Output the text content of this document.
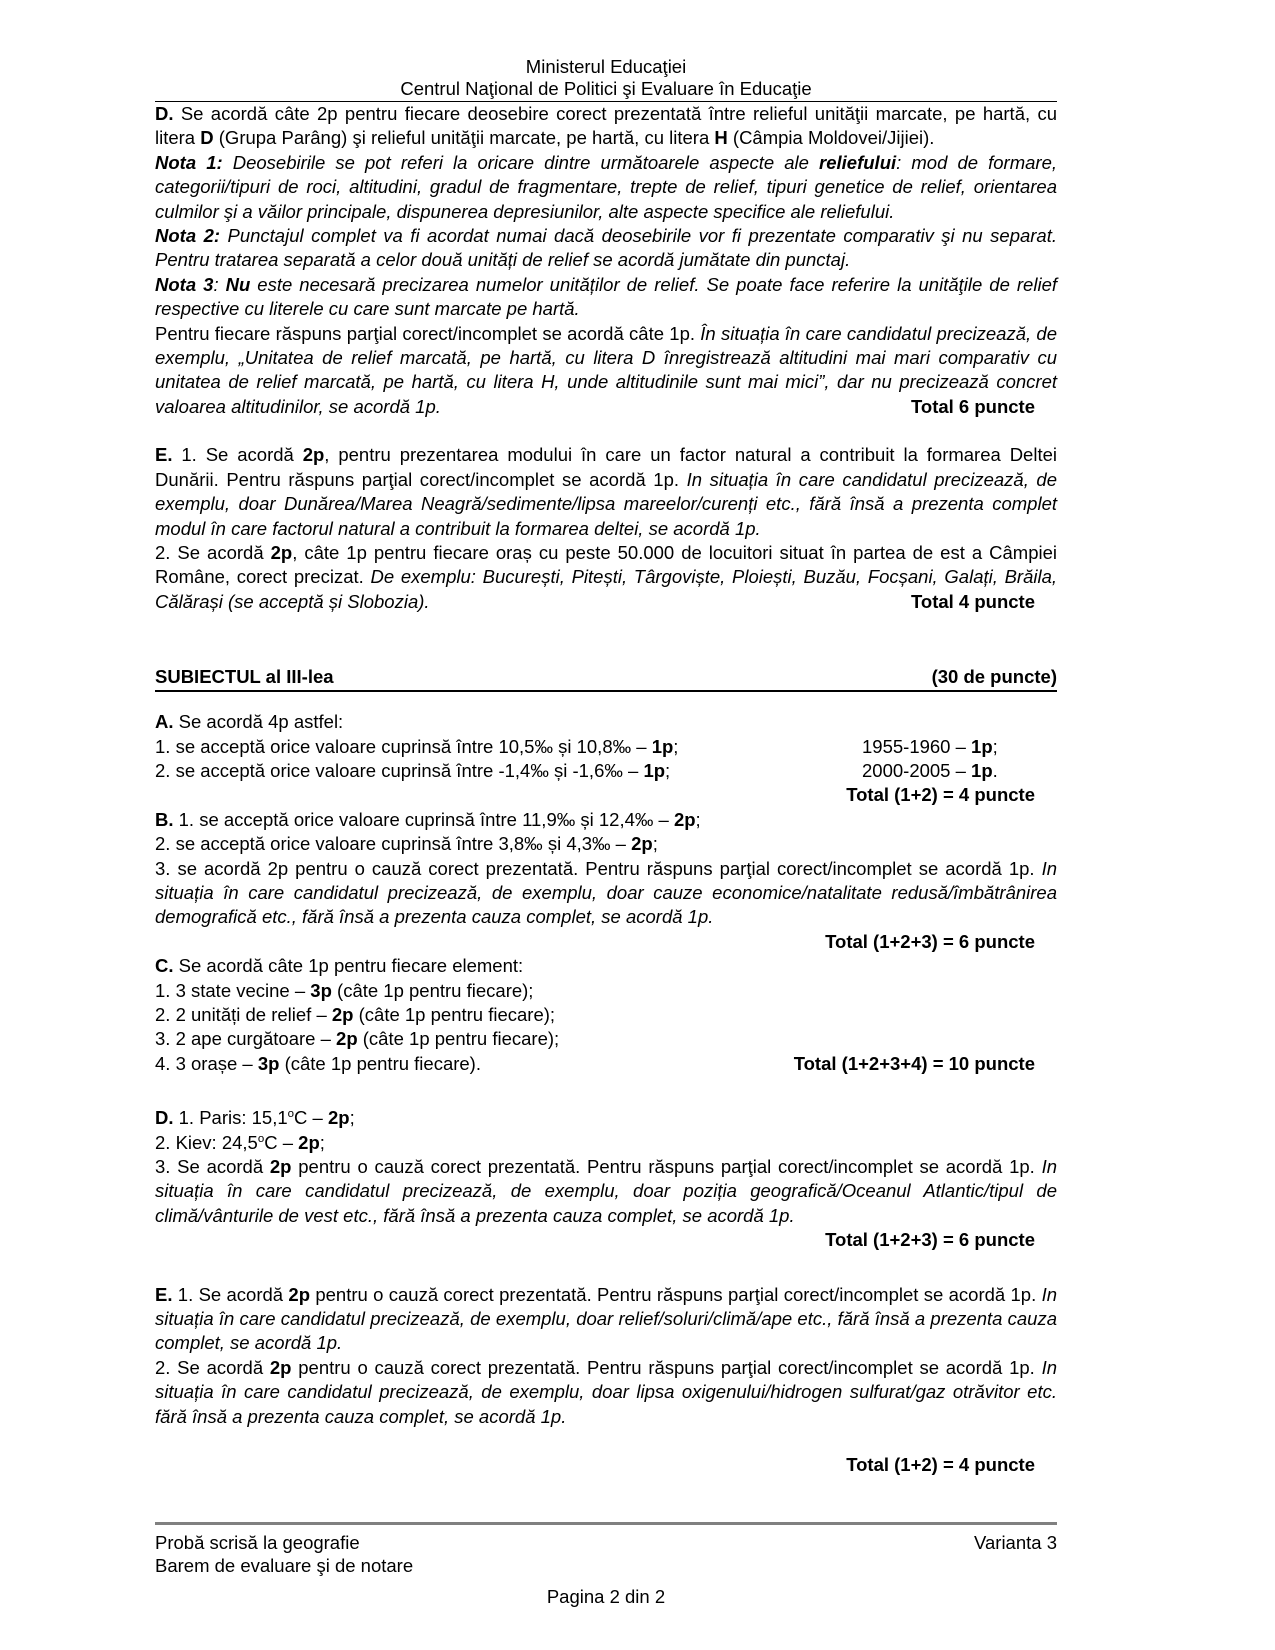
Ministerul Educaţiei
Centrul Naţional de Politici şi Evaluare în Educaţie

D. Se acordă câte 2p pentru fiecare deosebire corect prezentată între relieful unităţii marcate, pe hartă, cu litera D (Grupa Parâng) şi relieful unităţii marcate, pe hartă, cu litera H (Câmpia Moldovei/Jijiei).

Nota 1: Deosebirile se pot referi la oricare dintre următoarele aspecte ale reliefului: mod de formare, categorii/tipuri de roci, altitudini, gradul de fragmentare, trepte de relief, tipuri genetice de relief, orientarea culmilor şi a văilor principale, dispunerea depresiunilor, alte aspecte specifice ale reliefului.

Nota 2: Punctajul complet va fi acordat numai dacă deosebirile vor fi prezentate comparativ şi nu separat. Pentru tratarea separată a celor două unități de relief se acordă jumătate din punctaj.

Nota 3: Nu este necesară precizarea numelor unităților de relief. Se poate face referire la unităţile de relief respective cu literele cu care sunt marcate pe hartă.

Pentru fiecare răspuns parţial corect/incomplet se acordă câte 1p. În situația în care candidatul precizează, de exemplu, „Unitatea de relief marcată, pe hartă, cu litera D înregistrează altitudini mai mari comparativ cu unitatea de relief marcată, pe hartă, cu litera H, unde altitudinile sunt mai mici”, dar nu precizează concret valoarea altitudinilor, se acordă 1p.	Total 6 puncte

E. 1. Se acordă 2p, pentru prezentarea modului în care un factor natural a contribuit la formarea Deltei Dunării. Pentru răspuns parţial corect/incomplet se acordă 1p. In situația în care candidatul precizează, de exemplu, doar Dunărea/Marea Neagră/sedimente/lipsa mareelor/curenți etc., fără însă a prezenta complet modul în care factorul natural a contribuit la formarea deltei, se acordă 1p.

2. Se acordă 2p, câte 1p pentru fiecare oraș cu peste 50.000 de locuitori situat în partea de est a Câmpiei Române, corect precizat. De exemplu: București, Pitești, Târgoviște, Ploiești, Buzău, Focșani, Galați, Brăila, Călărași (se acceptă și Slobozia).	Total 4 puncte

SUBIECTUL al III-lea	(30 de puncte)

A. Se acordă 4p astfel:

1. se acceptă orice valoare cuprinsă între 10,5‰ și 10,8‰ – 1p;	1955-1960 – 1p;

2. se acceptă orice valoare cuprinsă între -1,4‰ și -1,6‰ – 1p;	2000-2005 – 1p.

Total (1+2) = 4 puncte

B. 1. se acceptă orice valoare cuprinsă între 11,9‰ și 12,4‰ – 2p;

2. se acceptă orice valoare cuprinsă între 3,8‰ și 4,3‰ – 2p;

3. se acordă 2p pentru o cauză corect prezentată. Pentru răspuns parţial corect/incomplet se acordă 1p. In situația în care candidatul precizează, de exemplu, doar cauze economice/natalitate redusă/îmbătrânirea demografică etc., fără însă a prezenta cauza complet, se acordă 1p.

Total (1+2+3) = 6 puncte

C. Se acordă câte 1p pentru fiecare element:

1. 3 state vecine – 3p (câte 1p pentru fiecare);

2. 2 unități de relief – 2p (câte 1p pentru fiecare);

3. 2 ape curgătoare – 2p (câte 1p pentru fiecare);

4. 3 orașe – 3p (câte 1p pentru fiecare).	Total (1+2+3+4) = 10 puncte

D. 1. Paris: 15,1$^o$C – 2p;

2. Kiev: 24,5$^o$C – 2p;

3. Se acordă 2p pentru o cauză corect prezentată. Pentru răspuns parţial corect/incomplet se acordă 1p. In situația în care candidatul precizează, de exemplu, doar poziția geografică/Oceanul Atlantic/tipul de climă/vânturile de vest etc., fără însă a prezenta cauza complet, se acordă 1p.

Total (1+2+3) = 6 puncte

E. 1. Se acordă 2p pentru o cauză corect prezentată. Pentru răspuns parţial corect/incomplet se acordă 1p. In situația în care candidatul precizează, de exemplu, doar relief/soluri/climă/ape etc., fără însă a prezenta cauza complet, se acordă 1p.

2. Se acordă 2p pentru o cauză corect prezentată. Pentru răspuns parţial corect/incomplet se acordă 1p. In situația în care candidatul precizează, de exemplu, doar lipsa oxigenului/hidrogen sulfurat/gaz otrăvitor etc. fără însă a prezenta cauza complet, se acordă 1p.

Total (1+2) = 4 puncte

Probă scrisă la geografie	Varianta 3
Barem de evaluare şi de notare
Pagina 2 din 2
